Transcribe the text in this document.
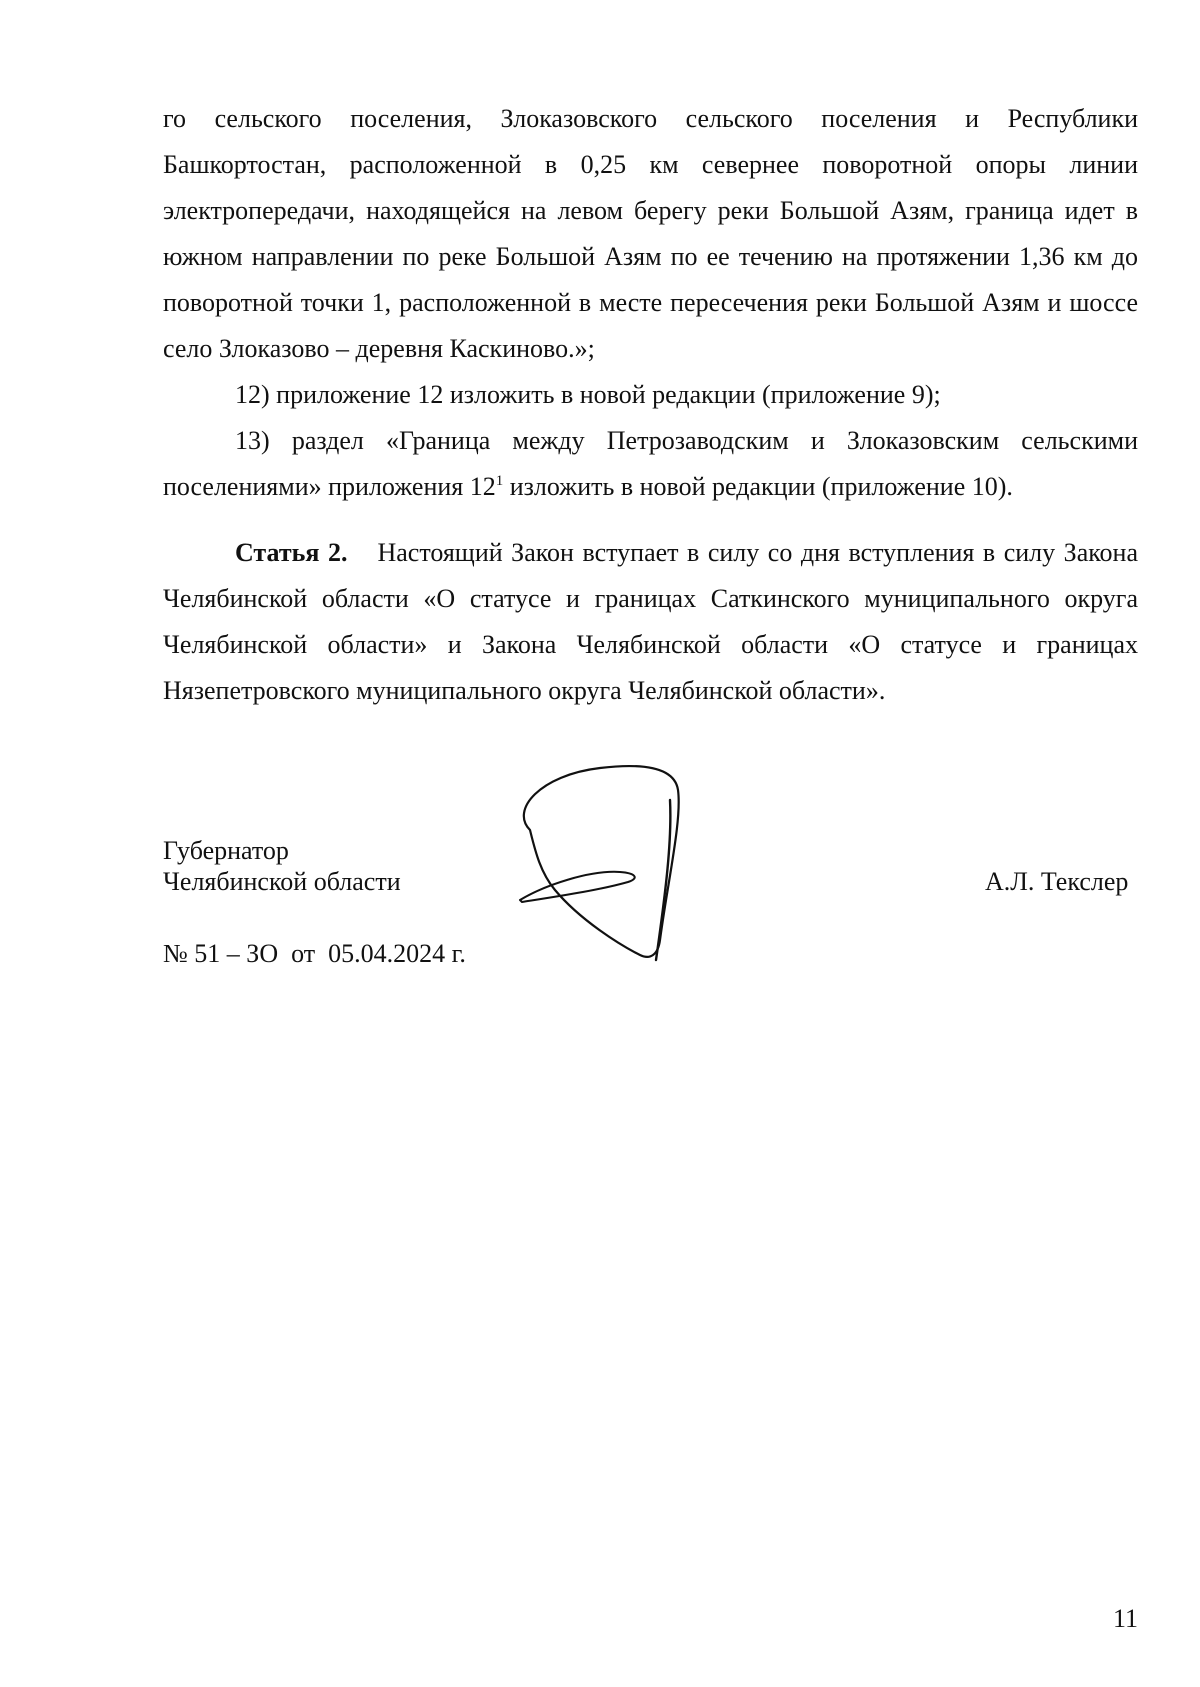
го сельского поселения, Злоказовского сельского поселения и Республики Башкортостан, расположенной в 0,25 км севернее поворотной опоры линии электропередачи, находящейся на левом берегу реки Большой Азям, граница идет в южном направлении по реке Большой Азям по ее течению на протяжении 1,36 км до поворотной точки 1, расположенной в месте пересечения реки Большой Азям и шоссе село Злоказово – деревня Каскиново.»;

12) приложение 12 изложить в новой редакции (приложение 9);

13) раздел «Граница между Петрозаводским и Злоказовским сельскими поселениями» приложения $12^1$ изложить в новой редакции (приложение 10).

Статья 2. Настоящий Закон вступает в силу со дня вступления в силу Закона Челябинской области «О статусе и границах Саткинского муниципального округа Челябинской области» и Закона Челябинской области «О статусе и границах Нязепетровского муниципального округа Челябинской области».

Губернатор
Челябинской области	А.Л. Текслер
№ 51 – ЗО  от  05.04.2024 г.
11
